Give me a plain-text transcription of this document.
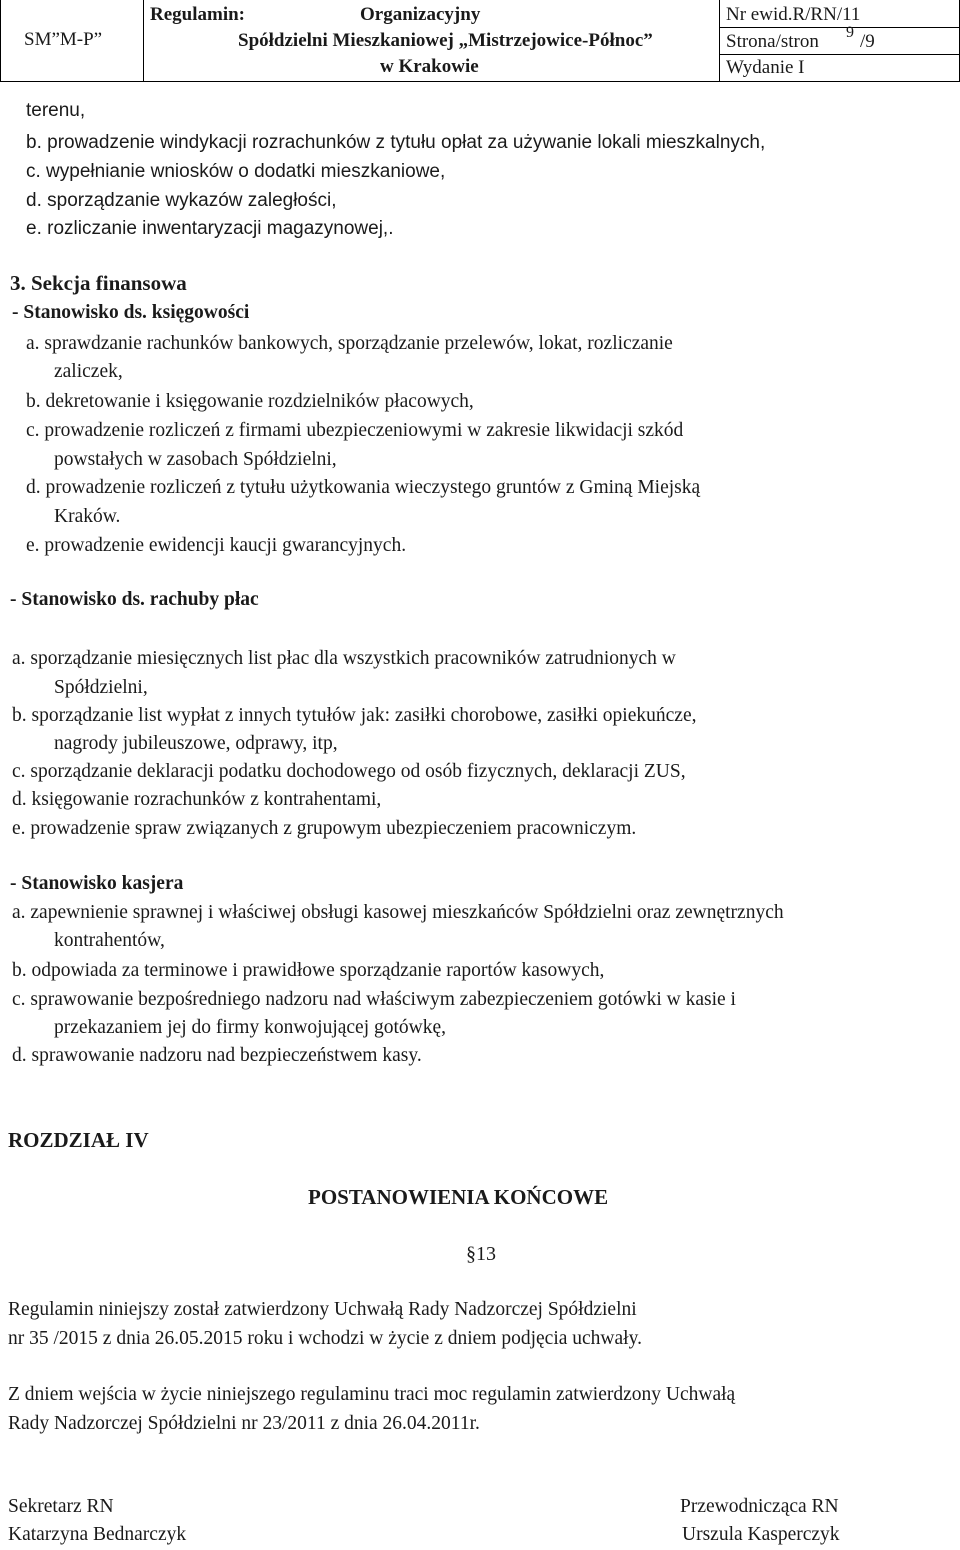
SM”M-P”
Regulamin:	Organizacyjny
Spółdzielni Mieszkaniowej „Mistrzejowice-Północ”
w Krakowie
Nr ewid.R/RN/11
Strona/stron 9 /9
Wydanie I
terenu,
b. prowadzenie windykacji rozrachunków z tytułu opłat za używanie lokali mieszkalnych,
c. wypełnianie wniosków o dodatki mieszkaniowe,
d. sporządzanie wykazów zaległości,
e. rozliczanie inwentaryzacji magazynowej,.
3. Sekcja finansowa
- Stanowisko ds. księgowości
a. sprawdzanie rachunków bankowych, sporządzanie przelewów, lokat, rozliczanie
zaliczek,
b. dekretowanie i księgowanie rozdzielników płacowych,
c. prowadzenie rozliczeń z firmami ubezpieczeniowymi w zakresie likwidacji szkód
powstałych w zasobach Spółdzielni,
d. prowadzenie rozliczeń z tytułu użytkowania wieczystego gruntów z Gminą Miejską
Kraków.
e. prowadzenie ewidencji kaucji gwarancyjnych.
- Stanowisko ds. rachuby płac
a. sporządzanie miesięcznych list płac dla wszystkich pracowników zatrudnionych w
Spółdzielni,
b. sporządzanie list wypłat z innych tytułów jak: zasiłki chorobowe, zasiłki opiekuńcze,
nagrody jubileuszowe, odprawy, itp,
c. sporządzanie deklaracji podatku dochodowego od osób fizycznych, deklaracji ZUS,
d. księgowanie rozrachunków z kontrahentami,
e. prowadzenie spraw związanych z grupowym ubezpieczeniem pracowniczym.
- Stanowisko kasjera
a. zapewnienie sprawnej i właściwej obsługi kasowej mieszkańców Spółdzielni oraz zewnętrznych
kontrahentów,
b. odpowiada za terminowe i prawidłowe sporządzanie raportów kasowych,
c. sprawowanie bezpośredniego nadzoru nad właściwym zabezpieczeniem gotówki w kasie i
przekazaniem jej do firmy konwojującej gotówkę,
d. sprawowanie nadzoru nad bezpieczeństwem kasy.
ROZDZIAŁ IV
POSTANOWIENIA KOŃCOWE
§13
Regulamin niniejszy został zatwierdzony Uchwałą Rady Nadzorczej Spółdzielni
nr 35 /2015 z dnia 26.05.2015 roku i wchodzi w życie z dniem podjęcia uchwały.
Z dniem wejścia w życie niniejszego regulaminu traci moc regulamin zatwierdzony Uchwałą
Rady Nadzorczej Spółdzielni nr 23/2011 z dnia 26.04.2011r.
Sekretarz RN
Katarzyna Bednarczyk
Przewodnicząca RN
Urszula Kasperczyk
